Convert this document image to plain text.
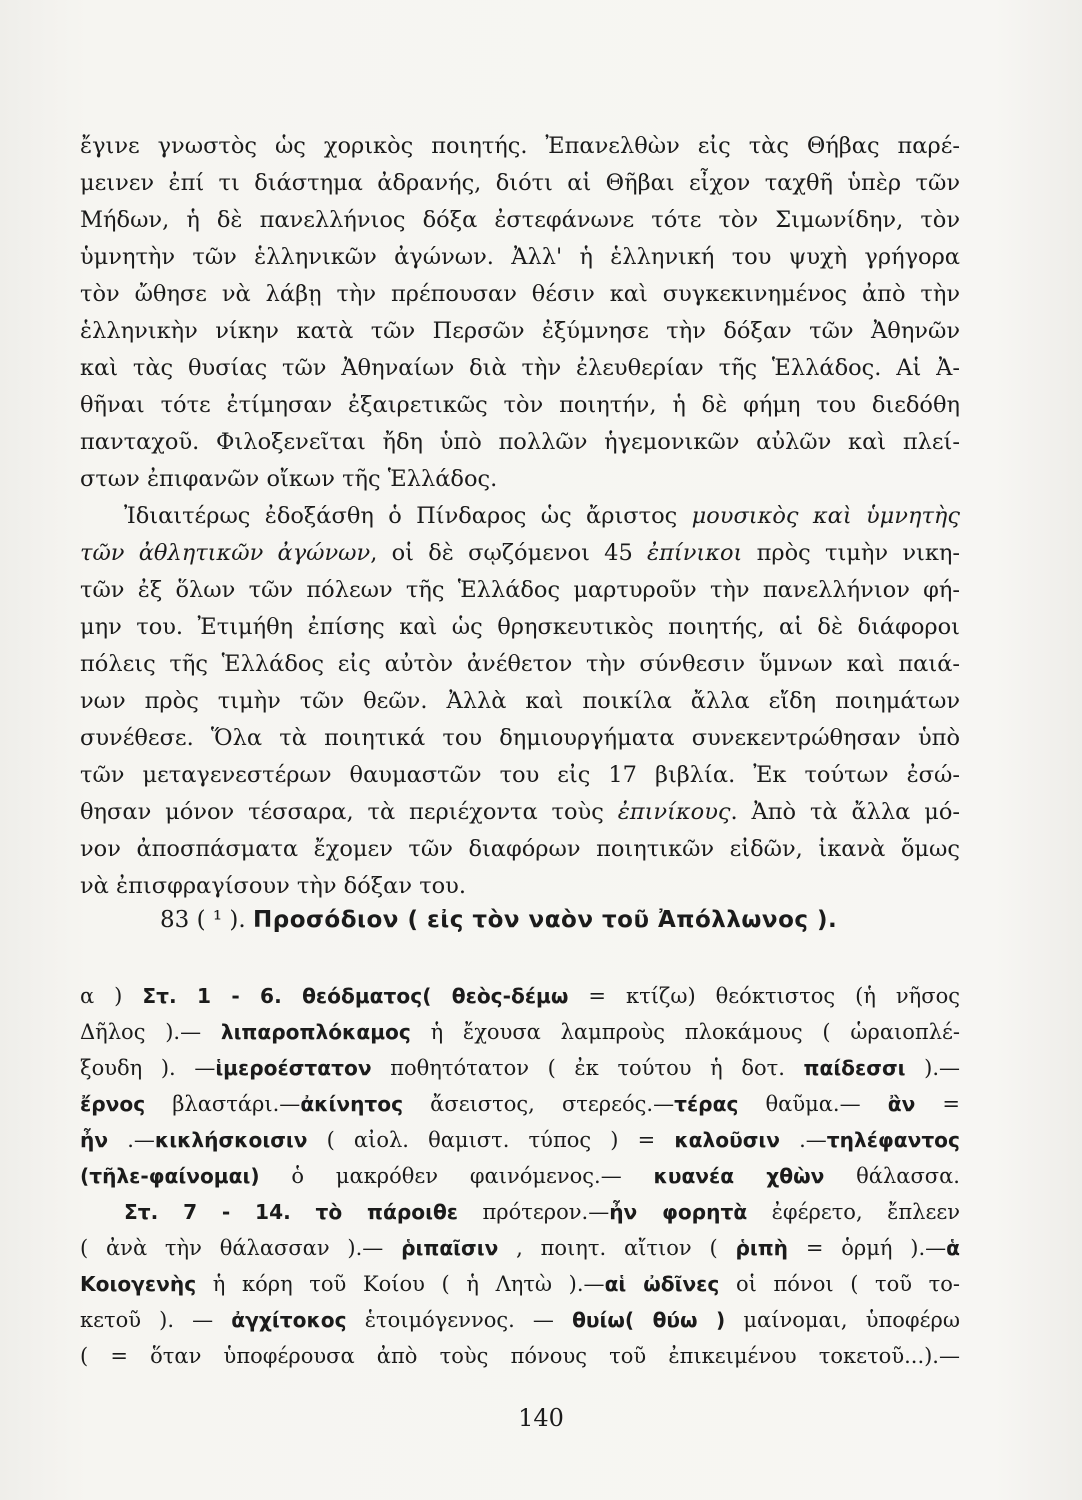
ἔγινε γνωστὸς ὡς χορικὸς ποιητής. Ἐπανελθὼν εἰς τὰς Θήβας παρέ-
μεινεν ἐπί τι διάστημα ἀδρανής, διότι αἱ Θῆβαι εἶχον ταχθῆ ὑπὲρ τῶν
Μήδων, ἡ δὲ πανελλήνιος δόξα ἐστεφάνωνε τότε τὸν Σιμωνίδην, τὸν
ὑμνητὴν τῶν ἑλληνικῶν ἀγώνων. Ἀλλ' ἡ ἑλληνική του ψυχὴ γρήγορα
τὸν ὤθησε νὰ λάβῃ τὴν πρέπουσαν θέσιν καὶ συγκεκινημένος ἀπὸ τὴν
ἑλληνικὴν νίκην κατὰ τῶν Περσῶν ἐξύμνησε τὴν δόξαν τῶν Ἀθηνῶν
καὶ τὰς θυσίας τῶν Ἀθηναίων διὰ τὴν ἐλευθερίαν τῆς Ἑλλάδος. Αἱ Ἀ-
θῆναι τότε ἐτίμησαν ἐξαιρετικῶς τὸν ποιητήν, ἡ δὲ φήμη του διεδόθη
πανταχοῦ. Φιλοξενεῖται ἤδη ὑπὸ πολλῶν ἡγεμονικῶν αὐλῶν καὶ πλεί-
στων ἐπιφανῶν οἴκων τῆς Ἑλλάδος.
Ἰδιαιτέρως ἐδοξάσθη ὁ Πίνδαρος ὡς ἄριστος μουσικὸς καὶ ὑμνητὴς
τῶν ἀθλητικῶν ἀγώνων, οἱ δὲ σῳζόμενοι 45 ἐπίνικοι πρὸς τιμὴν νικη-
τῶν ἐξ ὅλων τῶν πόλεων τῆς Ἑλλάδος μαρτυροῦν τὴν πανελλήνιον φή-
μην του. Ἐτιμήθη ἐπίσης καὶ ὡς θρησκευτικὸς ποιητής, αἱ δὲ διάφοροι
πόλεις τῆς Ἑλλάδος εἰς αὐτὸν ἀνέθετον τὴν σύνθεσιν ὕμνων καὶ παιά-
νων πρὸς τιμὴν τῶν θεῶν. Ἀλλὰ καὶ ποικίλα ἄλλα εἴδη ποιημάτων
συνέθεσε. Ὅλα τὰ ποιητικά του δημιουργήματα συνεκεντρώθησαν ὑπὸ
τῶν μεταγενεστέρων θαυμαστῶν του εἰς 17 βιβλία. Ἐκ τούτων ἐσώ-
θησαν μόνον τέσσαρα, τὰ περιέχοντα τοὺς ἐπινίκους. Ἀπὸ τὰ ἄλλα μό-
νον ἀποσπάσματα ἔχομεν τῶν διαφόρων ποιητικῶν εἰδῶν, ἱκανὰ ὅμως
νὰ ἐπισφραγίσουν τὴν δόξαν του.
83 ( ¹ ). Προσόδιον ( εἰς τὸν ναὸν τοῦ Ἀπόλλωνος ).
α ) Στ. 1 - 6. θεόδματος( θεὸς-δέμω = κτίζω) θεόκτιστος (ἡ νῆσος
Δῆλος ).— λιπαροπλόκαμος ἡ ἔχουσα λαμπροὺς πλοκάμους ( ὡραιοπλέ-
ξουδη ). —ἱμεροέστατον ποθητότατον ( ἐκ τούτου ἡ δοτ. παίδεσσι ).—
ἔρνος βλαστάρι.—ἀκίνητος ἄσειστος, στερεός.—τέρας θαῦμα.— ἂν =
ἦν .—κικλήσκοισιν ( αἰολ. θαμιστ. τύπος ) = καλοῦσιν .—τηλέφαντος
(τῆλε-φαίνομαι) ὁ μακρόθεν φαινόμενος.— κυανέα χθὼν θάλασσα.
Στ. 7 - 14. τὸ πάροιθε πρότερον.—ἦν φορητὰ ἐφέρετο, ἔπλεεν
( ἀνὰ τὴν θάλασσαν ).— ῥιπαῖσιν , ποιητ. αἴτιον ( ῥιπὴ = ὁρμή ).—ἁ
Κοιογενὴς ἡ κόρη τοῦ Κοίου ( ἡ Λητὼ ).—αἱ ὠδῖνες οἱ πόνοι ( τοῦ το-
κετοῦ ). — ἀγχίτοκος ἑτοιμόγεννος. — θυίω( θύω ) μαίνομαι, ὑποφέρω
( = ὅταν ὑποφέρουσα ἀπὸ τοὺς πόνους τοῦ ἐπικειμένου τοκετοῦ...).—
140
